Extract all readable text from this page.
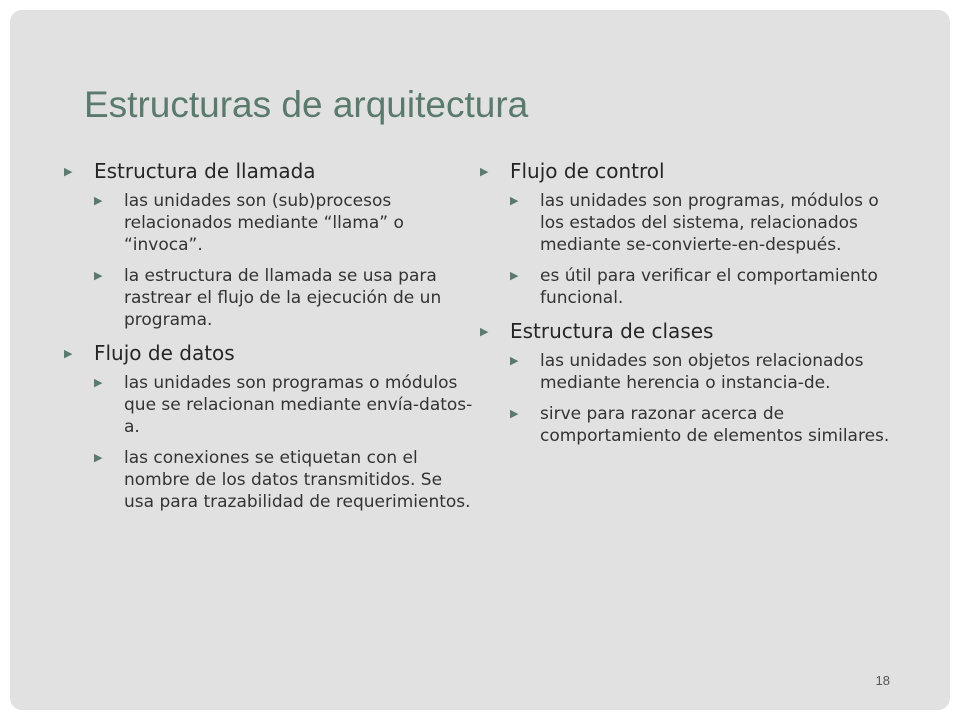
Estructuras de arquitectura
▶ Estructura de llamada
▶ las unidades son (sub)procesos relacionados mediante “llama” o “invoca”.
▶ la estructura de llamada se usa para rastrear el flujo de la ejecución de un programa.
▶ Flujo de datos
▶ las unidades son programas o módulos que se relacionan mediante envía-datos-a.
▶ las conexiones se etiquetan con el nombre de los datos transmitidos. Se usa para trazabilidad de requerimientos.
▶ Flujo de control
▶ las unidades son programas, módulos o los estados del sistema, relacionados mediante se-convierte-en-después.
▶ es útil para verificar el comportamiento funcional.
▶ Estructura de clases
▶ las unidades son objetos relacionados mediante herencia o instancia-de.
▶ sirve para razonar acerca de comportamiento de elementos similares.
18
